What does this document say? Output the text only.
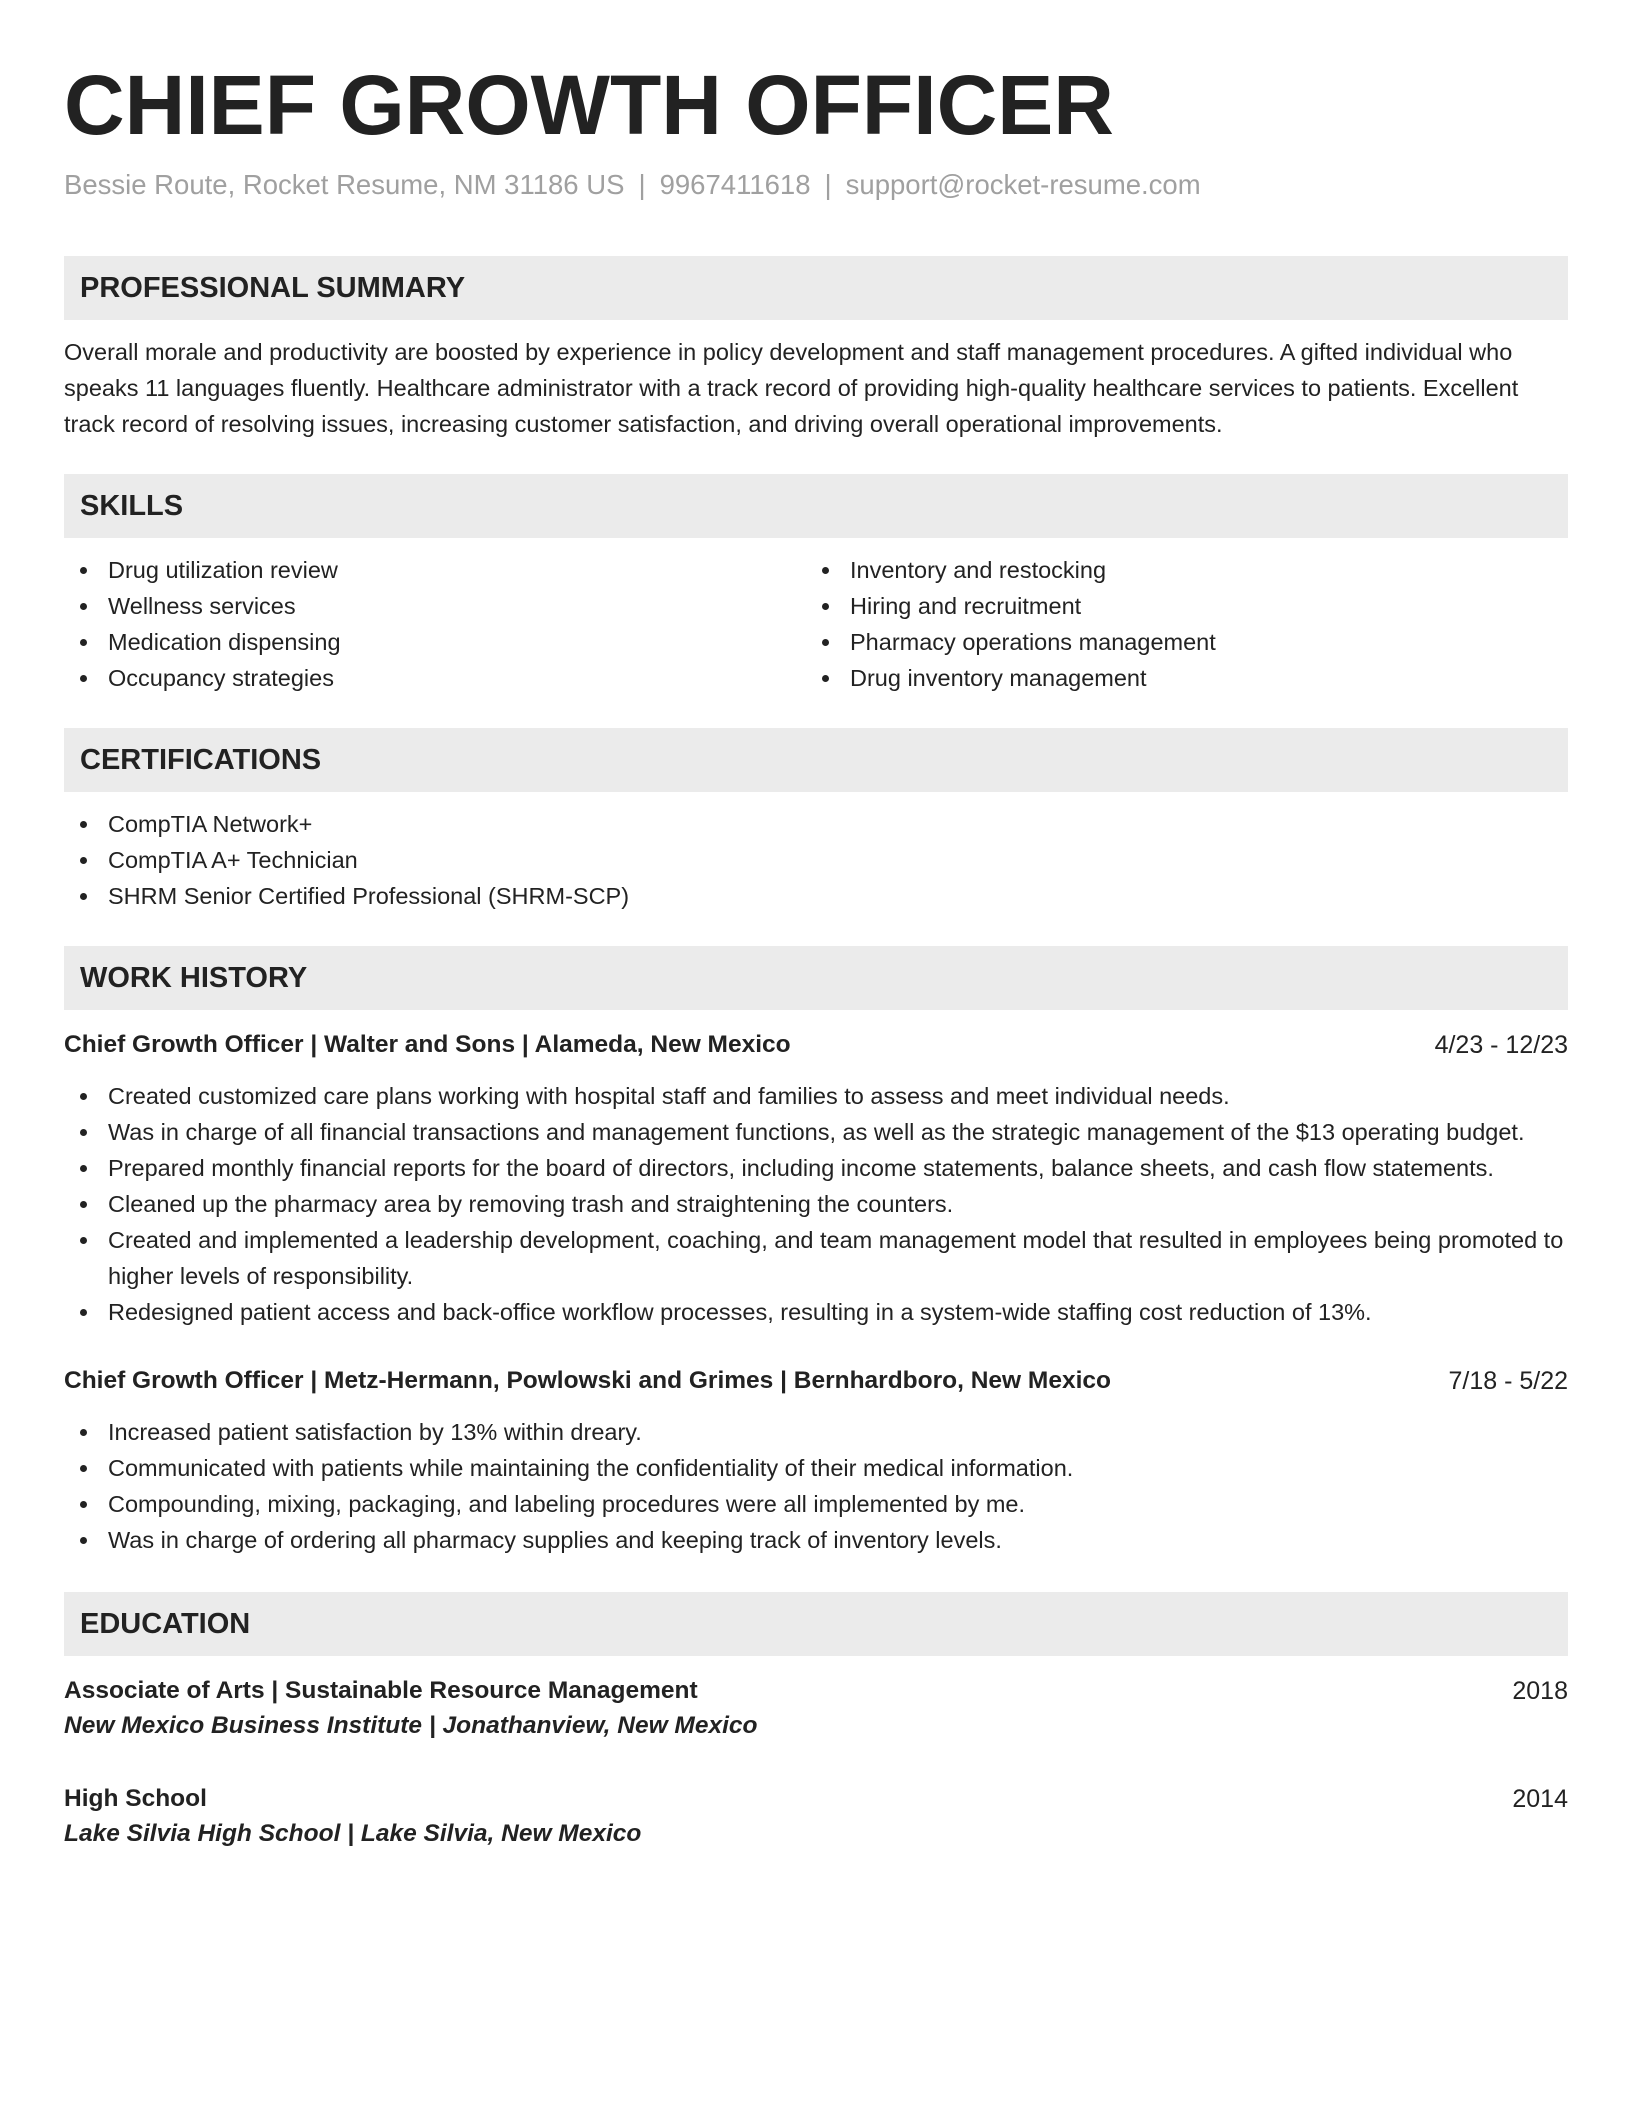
CHIEF GROWTH OFFICER
Bessie Route, Rocket Resume, NM 31186 US | 9967411618 | support@rocket-resume.com
PROFESSIONAL SUMMARY

Overall morale and productivity are boosted by experience in policy development and staff management procedures. A gifted individual who speaks 11 languages fluently. Healthcare administrator with a track record of providing high-quality healthcare services to patients. Excellent track record of resolving issues, increasing customer satisfaction, and driving overall operational improvements.

SKILLS
Drug utilization review
Wellness services
Medication dispensing
Occupancy strategies
Inventory and restocking
Hiring and recruitment
Pharmacy operations management
Drug inventory management
CERTIFICATIONS
CompTIA Network+
CompTIA A+ Technician
SHRM Senior Certified Professional (SHRM-SCP)
WORK HISTORY
Chief Growth Officer | Walter and Sons | Alameda, New Mexico	4/23 - 12/23
Created customized care plans working with hospital staff and families to assess and meet individual needs.
Was in charge of all financial transactions and management functions, as well as the strategic management of the $13 operating budget.
Prepared monthly financial reports for the board of directors, including income statements, balance sheets, and cash flow statements.
Cleaned up the pharmacy area by removing trash and straightening the counters.
Created and implemented a leadership development, coaching, and team management model that resulted in employees being promoted to higher levels of responsibility.
Redesigned patient access and back-office workflow processes, resulting in a system-wide staffing cost reduction of 13%.
Chief Growth Officer | Metz-Hermann, Powlowski and Grimes | Bernhardboro, New Mexico	7/18 - 5/22
Increased patient satisfaction by 13% within dreary.
Communicated with patients while maintaining the confidentiality of their medical information.
Compounding, mixing, packaging, and labeling procedures were all implemented by me.
Was in charge of ordering all pharmacy supplies and keeping track of inventory levels.
EDUCATION
Associate of Arts | Sustainable Resource Management	2018
New Mexico Business Institute | Jonathanview, New Mexico
High School	2014
Lake Silvia High School | Lake Silvia, New Mexico
